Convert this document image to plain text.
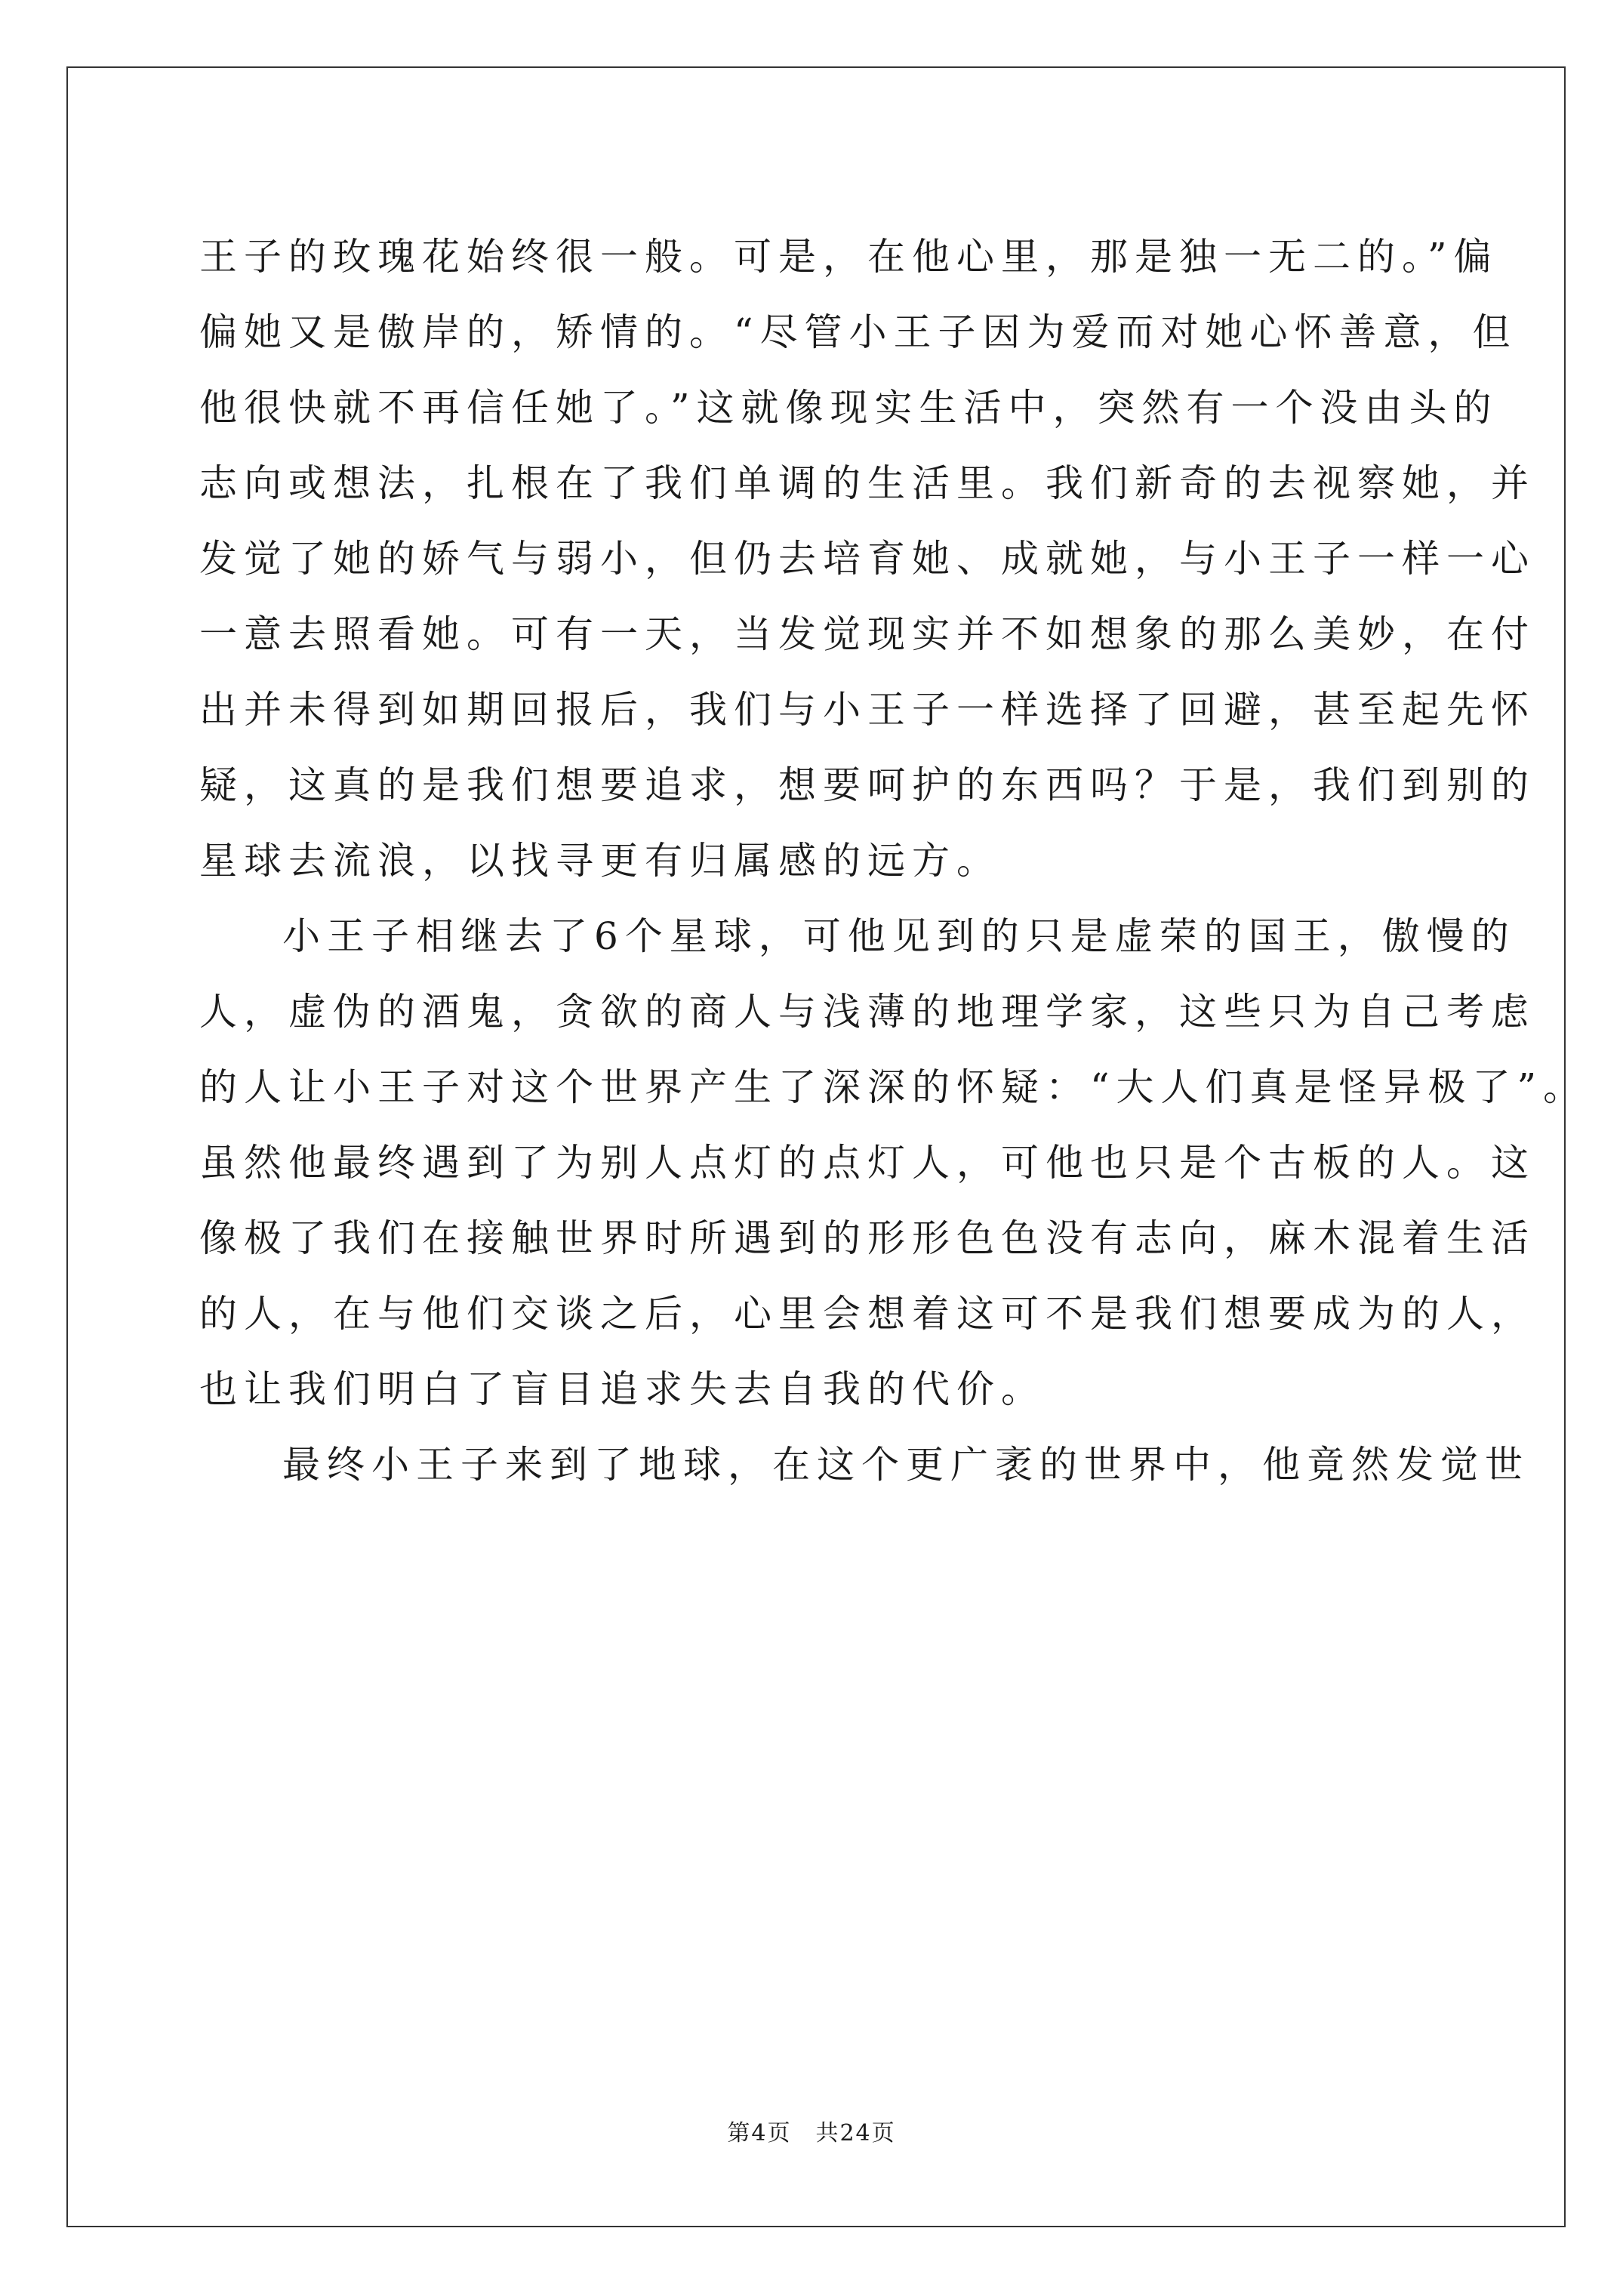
王子的玫瑰花始终很一般。可是，在他心里，那是独一无二的。”偏
偏她又是傲岸的，矫情的。“尽管小王子因为爱而对她心怀善意，但
他很快就不再信任她了。”这就像现实生活中，突然有一个没由头的
志向或想法，扎根在了我们单调的生活里。我们新奇的去视察她，并
发觉了她的娇气与弱小，但仍去培育她、成就她，与小王子一样一心
一意去照看她。可有一天，当发觉现实并不如想象的那么美妙，在付
出并未得到如期回报后，我们与小王子一样选择了回避，甚至起先怀
疑，这真的是我们想要追求，想要呵护的东西吗？于是，我们到别的
星球去流浪，以找寻更有归属感的远方。
小王子相继去了6个星球，可他见到的只是虚荣的国王，傲慢的
人，虚伪的酒鬼，贪欲的商人与浅薄的地理学家，这些只为自己考虑
的人让小王子对这个世界产生了深深的怀疑：“大人们真是怪异极了”。
虽然他最终遇到了为别人点灯的点灯人，可他也只是个古板的人。这
像极了我们在接触世界时所遇到的形形色色没有志向，麻木混着生活
的人，在与他们交谈之后，心里会想着这可不是我们想要成为的人，
也让我们明白了盲目追求失去自我的代价。
最终小王子来到了地球，在这个更广袤的世界中，他竟然发觉世
第4页　共24页
